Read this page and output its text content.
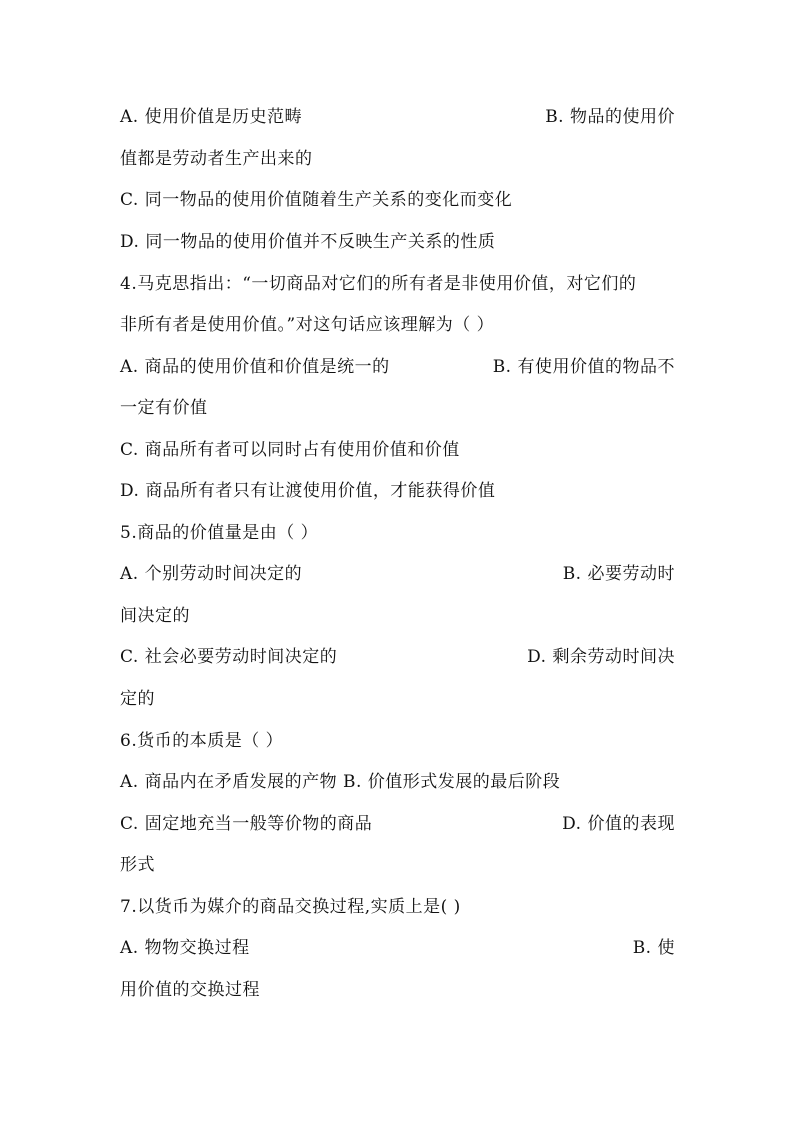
A. 使用价值是历史范畴	B. 物品的使用价
值都是劳动者生产出来的
C. 同一物品的使用价值随着生产关系的变化而变化
D. 同一物品的使用价值并不反映生产关系的性质
4.马克思指出：“一切商品对它们的所有者是非使用价值，对它们的
非所有者是使用价值。”对这句话应该理解为（ ）
A. 商品的使用价值和价值是统一的	B. 有使用价值的物品不
一定有价值
C. 商品所有者可以同时占有使用价值和价值
D. 商品所有者只有让渡使用价值，才能获得价值
5.商品的价值量是由（ ）
A. 个别劳动时间决定的	B. 必要劳动时
间决定的
C. 社会必要劳动时间决定的	D. 剩余劳动时间决
定的
6.货币的本质是（ ）
A. 商品内在矛盾发展的产物 B. 价值形式发展的最后阶段
C. 固定地充当一般等价物的商品	D. 价值的表现
形式
7.以货币为媒介的商品交换过程,实质上是( )
A. 物物交换过程	B. 使
用价值的交换过程
